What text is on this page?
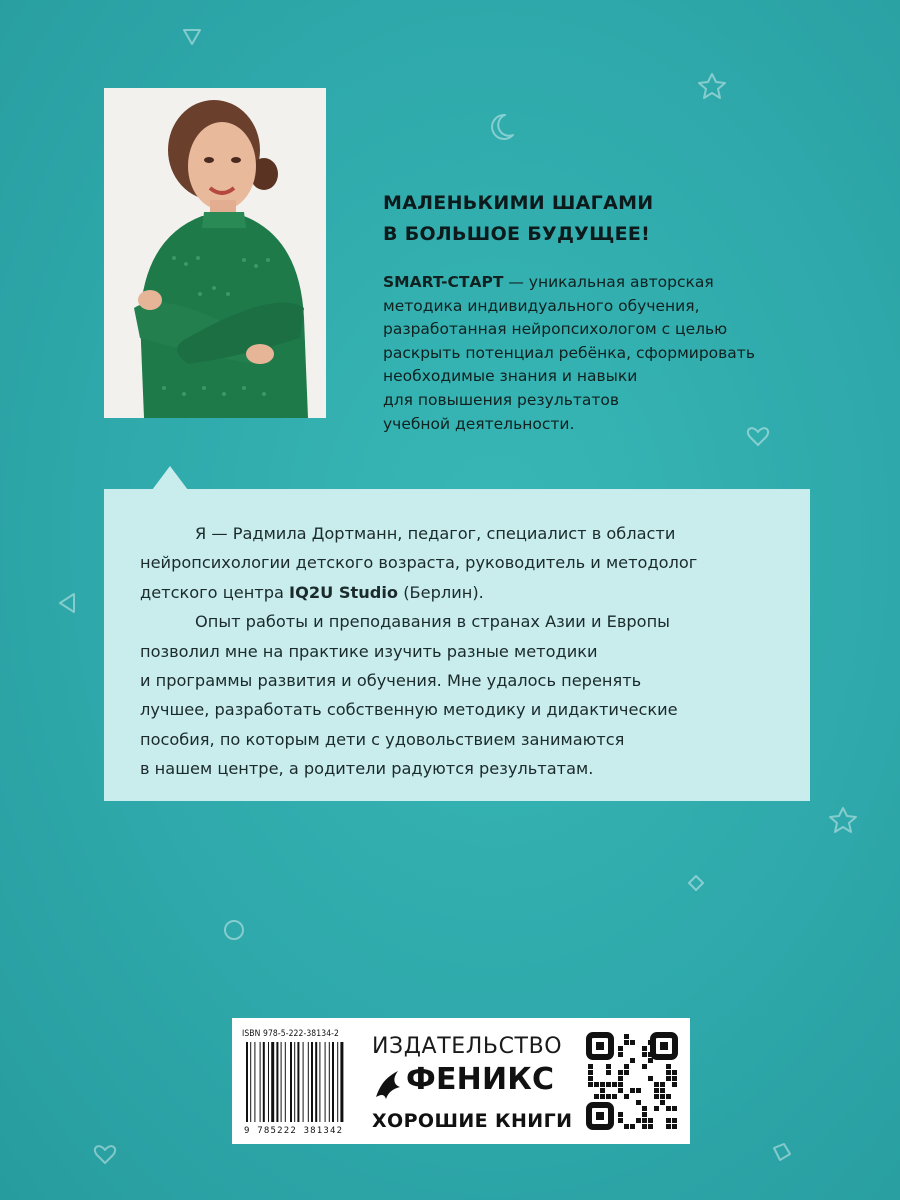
МАЛЕНЬКИМИ ШАГАМИ
В БОЛЬШОЕ БУДУЩЕЕ!
SMART-СТАРТ — уникальная авторская
методика индивидуального обучения,
разработанная нейропсихологом с целью
раскрыть потенциал ребёнка, сформировать
необходимые знания и навыки
для повышения результатов
учебной деятельности.
Я — Радмила Дортманн, педагог, специалист в области
нейропсихологии детского возраста, руководитель и методолог
детского центра IQ2U Studio (Берлин).
Опыт работы и преподавания в странах Азии и Европы
позволил мне на практике изучить разные методики
и программы развития и обучения. Мне удалось перенять
лучшее, разработать собственную методику и дидактические
пособия, по которым дети с удовольствием занимаются
в нашем центре, а родители радуются результатам.
ISBN 978-5-222-38134-2
9 785222 381342
ИЗДАТЕЛЬСТВО
ФЕНИКС
ХОРОШИЕ КНИГИ
